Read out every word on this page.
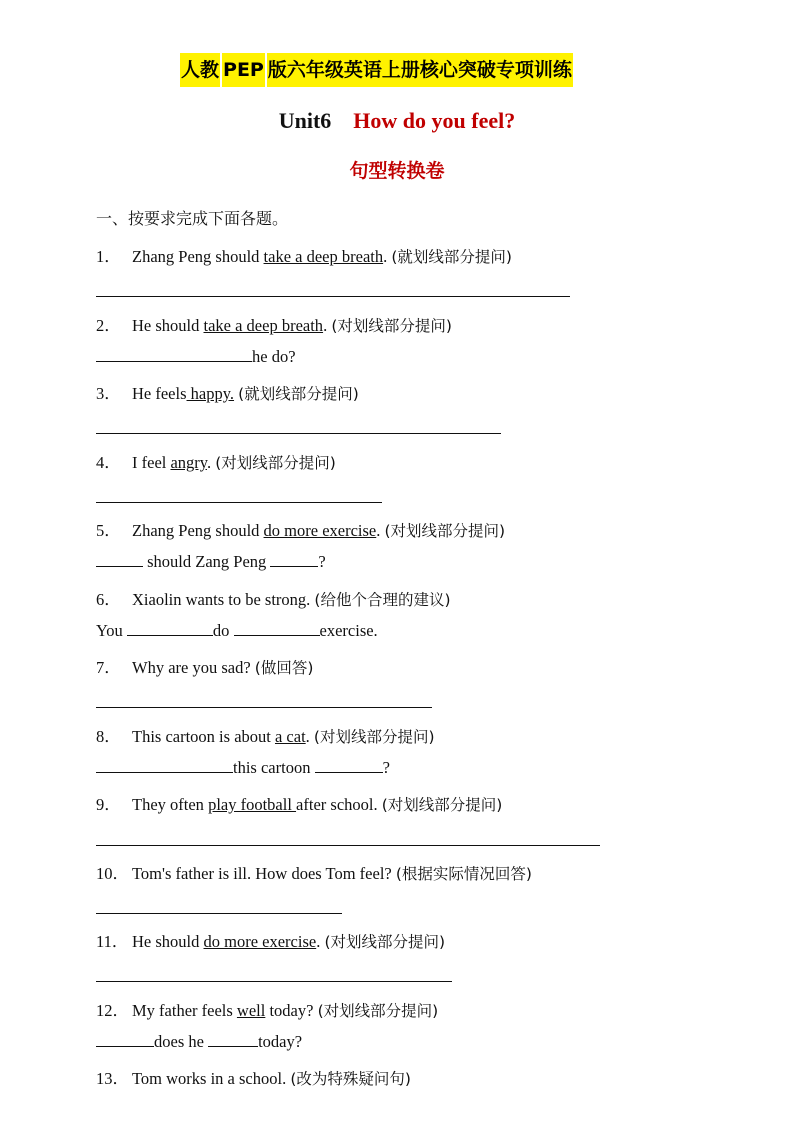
人教 PEP 版六年级英语上册核心突破专项训练
Unit6 How do you feel?
句型转换卷
一、按要求完成下面各题。
1． Zhang Peng should take a deep breath. (就划线部分提问)
2． He should take a deep breath. (对划线部分提问)
he do?
3． He feels happy. (就划线部分提问)
4． I feel angry. (对划线部分提问)
5． Zhang Peng should do more exercise. (对划线部分提问)
should Zang Peng	?
6． Xiaolin wants to be strong. (给他个合理的建议)
You	do	exercise.
7． Why are you sad? (做回答)
8． This cartoon is about a cat. (对划线部分提问)
this cartoon	?
9． They often play football after school. (对划线部分提问)
10． Tom's father is ill. How does Tom feel? (根据实际情况回答)
11． He should do more exercise. (对划线部分提问)
12． My father feels well today? (对划线部分提问)
does he	today?
13． Tom works in a school. (改为特殊疑问句)
